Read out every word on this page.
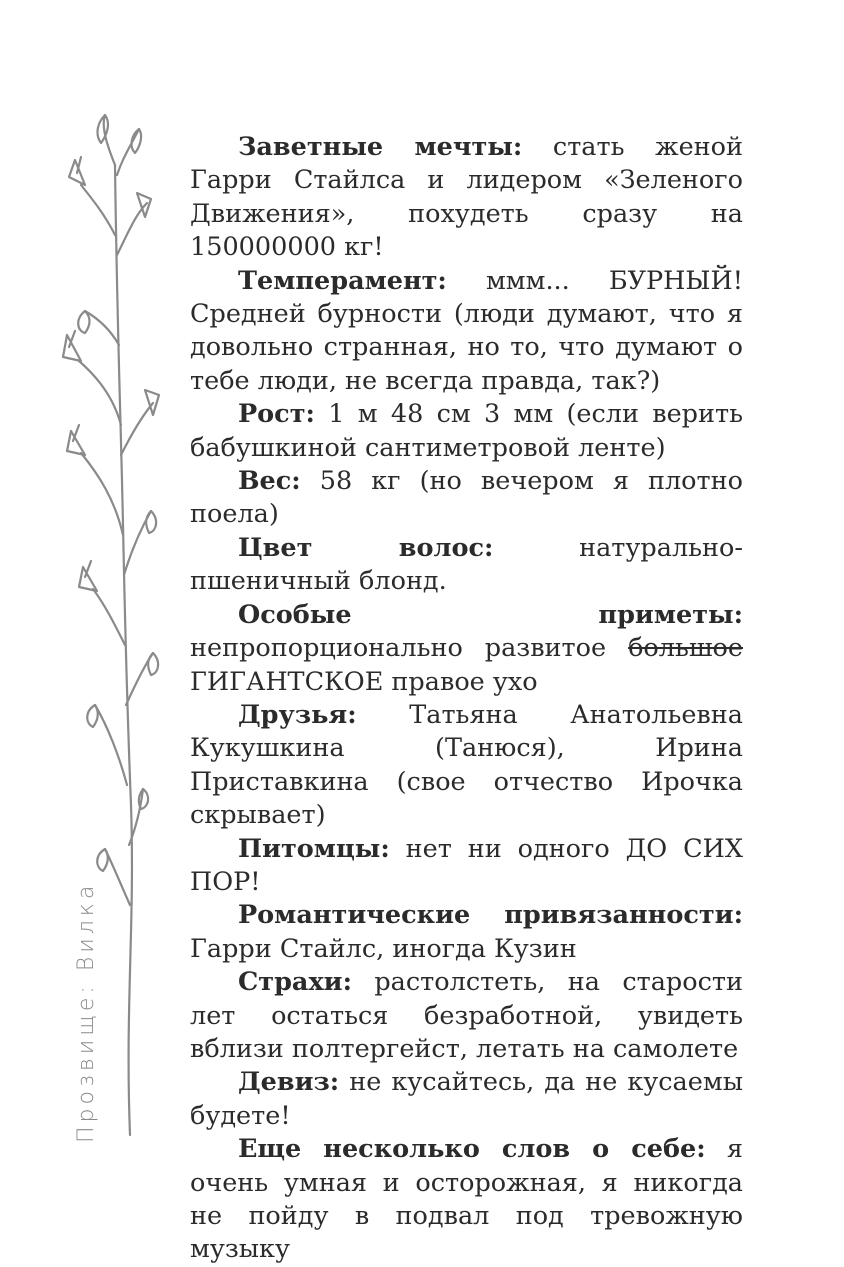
Прозвище: Вилка

Заветные мечты: стать женой Гарри Стайлса и лидером «Зеленого Движения», похудеть сразу на 150000000 кг!

Темперамент: ммм... БУРНЫЙ! Средней бурности (люди думают, что я довольно странная, но то, что думают о тебе люди, не всегда правда, так?)

Рост: 1 м 48 см 3 мм (если верить бабушкиной сантиметровой ленте)

Вес: 58 кг (но вечером я плотно поела)

Цвет волос: натурально-пшеничный блонд.

Особые приметы: непропорционально развитое большое ГИГАНТСКОЕ правое ухо

Друзья: Татьяна Анатольевна Кукушкина (Танюся), Ирина Приставкина (свое отчество Ирочка скрывает)

Питомцы: нет ни одного ДО СИХ ПОР!

Романтические привязанности: Гарри Стайлс, иногда Кузин

Страхи: растолстеть, на старости лет остаться безработной, увидеть вблизи полтергейст, летать на самолете

Девиз: не кусайтесь, да не кусаемы будете!

Еще несколько слов о себе: я очень умная и осторожная, я никогда не пойду в подвал под тревожную музыку
